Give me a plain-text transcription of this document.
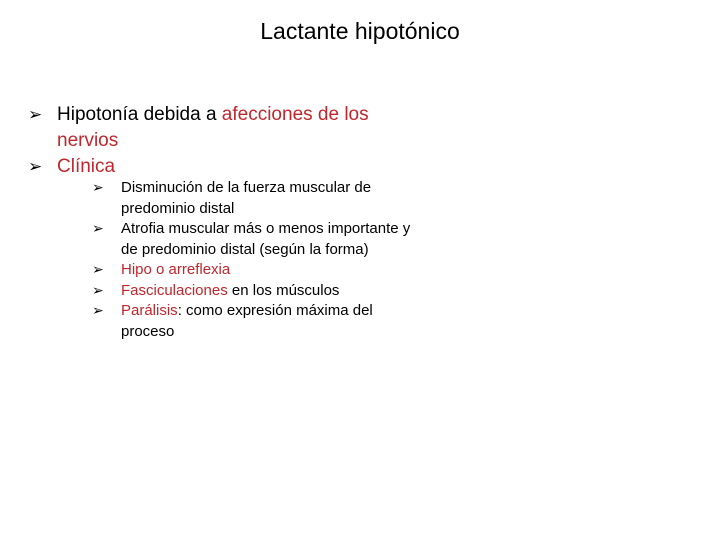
Lactante hipotónico
➢ Hipotonía debida a afecciones de los nervios
➢ Clínica
➢ Disminución de la fuerza muscular de predominio distal
➢ Atrofia muscular más o menos importante y de predominio distal (según la forma)
➢ Hipo o arreflexia
➢ Fasciculaciones en los músculos
➢ Parálisis: como expresión máxima del proceso
